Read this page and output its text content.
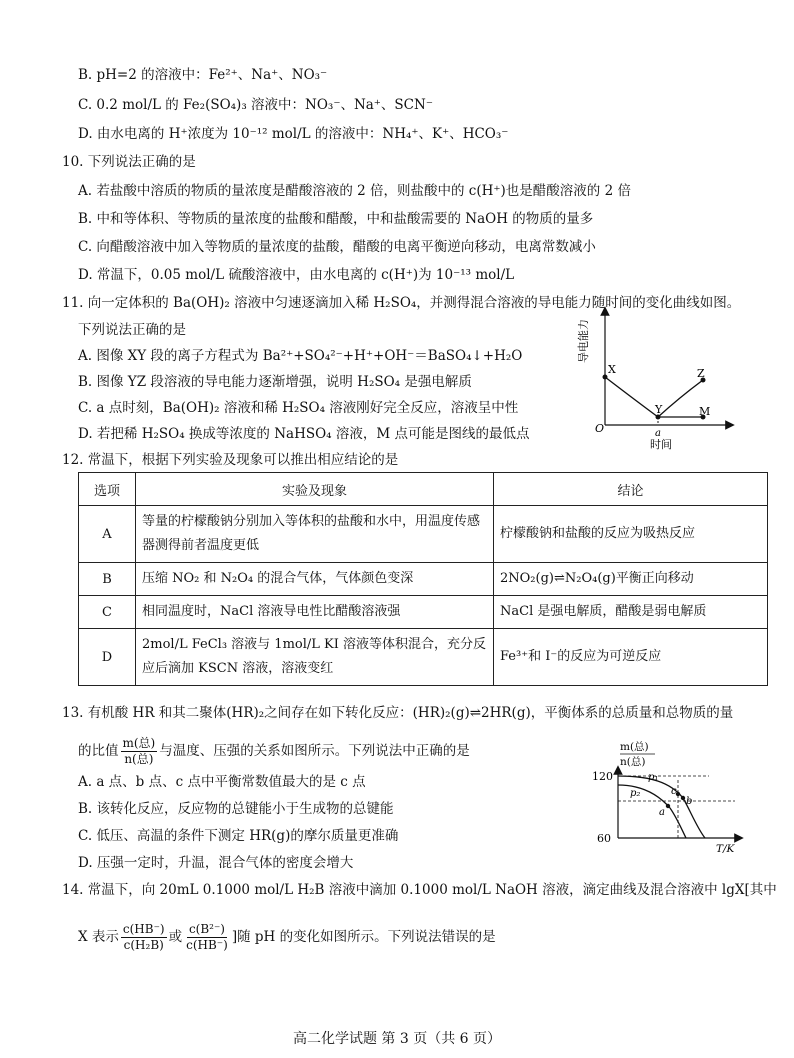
B. pH=2 的溶液中：Fe²⁺、Na⁺、NO₃⁻
C. 0.2 mol/L 的 Fe₂(SO₄)₃ 溶液中：NO₃⁻、Na⁺、SCN⁻
D. 由水电离的 H⁺浓度为 10⁻¹² mol/L 的溶液中：NH₄⁺、K⁺、HCO₃⁻
10. 下列说法正确的是
A. 若盐酸中溶质的物质的量浓度是醋酸溶液的 2 倍，则盐酸中的 c(H⁺)也是醋酸溶液的 2 倍
B. 中和等体积、等物质的量浓度的盐酸和醋酸，中和盐酸需要的 NaOH 的物质的量多
C. 向醋酸溶液中加入等物质的量浓度的盐酸，醋酸的电离平衡逆向移动，电离常数减小
D. 常温下，0.05 mol/L 硫酸溶液中，由水电离的 c(H⁺)为 10⁻¹³ mol/L
11. 向一定体积的 Ba(OH)₂ 溶液中匀速逐滴加入稀 H₂SO₄，并测得混合溶液的导电能力随时间的变化曲线如图。
下列说法正确的是
A. 图像 XY 段的离子方程式为 Ba²⁺+SO₄²⁻+H⁺+OH⁻＝BaSO₄↓+H₂O
B. 图像 YZ 段溶液的导电能力逐渐增强，说明 H₂SO₄ 是强电解质
C. a 点时刻，Ba(OH)₂ 溶液和稀 H₂SO₄ 溶液刚好完全反应，溶液呈中性
D. 若把稀 H₂SO₄ 换成等浓度的 NaHSO₄ 溶液，M 点可能是图线的最低点
X
Y
Z
M
a
O
时间
导电能力
12. 常温下，根据下列实验及现象可以推出相应结论的是
选项	实验及现象	结论
A	等量的柠檬酸钠分别加入等体积的盐酸和水中，用温度传感器测得前者温度更低	柠檬酸钠和盐酸的反应为吸热反应
B	压缩 NO₂ 和 N₂O₄ 的混合气体，气体颜色变深	2NO₂(g)⇌N₂O₄(g)平衡正向移动
C	相同温度时，NaCl 溶液导电性比醋酸溶液强	NaCl 是强电解质，醋酸是弱电解质
D	2mol/L FeCl₃ 溶液与 1mol/L KI 溶液等体积混合，充分反应后滴加 KSCN 溶液，溶液变红	Fe³⁺和 I⁻的反应为可逆反应
13. 有机酸 HR 和其二聚体(HR)₂之间存在如下转化反应：(HR)₂(g)⇌2HR(g)，平衡体系的总质量和总物质的量
的比值 $\frac{\text{m(总)}}{\text{n(总)}}$ 与温度、压强的关系如图所示。下列说法中正确的是
A. a 点、b 点、c 点中平衡常数值最大的是 c 点
B. 该转化反应，反应物的总键能小于生成物的总键能
C. 低压、高温的条件下测定 HR(g)的摩尔质量更准确
D. 压强一定时，升温，混合气体的密度会增大
120
60
T/K
p₁
p₂	c
b
a
m(总)
n(总)
14. 常温下，向 20mL 0.1000 mol/L H₂B 溶液中滴加 0.1000 mol/L NaOH 溶液，滴定曲线及混合溶液中 lgX[其中
X 表示 $\frac{c(HB^-)}{\text{c(H₂B)}}$ 或 $\frac{\text{c(B²⁻)}}{c(HB^-)}$ ]随 pH 的变化如图所示。下列说法错误的是
高二化学试题 第 3 页（共 6 页）
